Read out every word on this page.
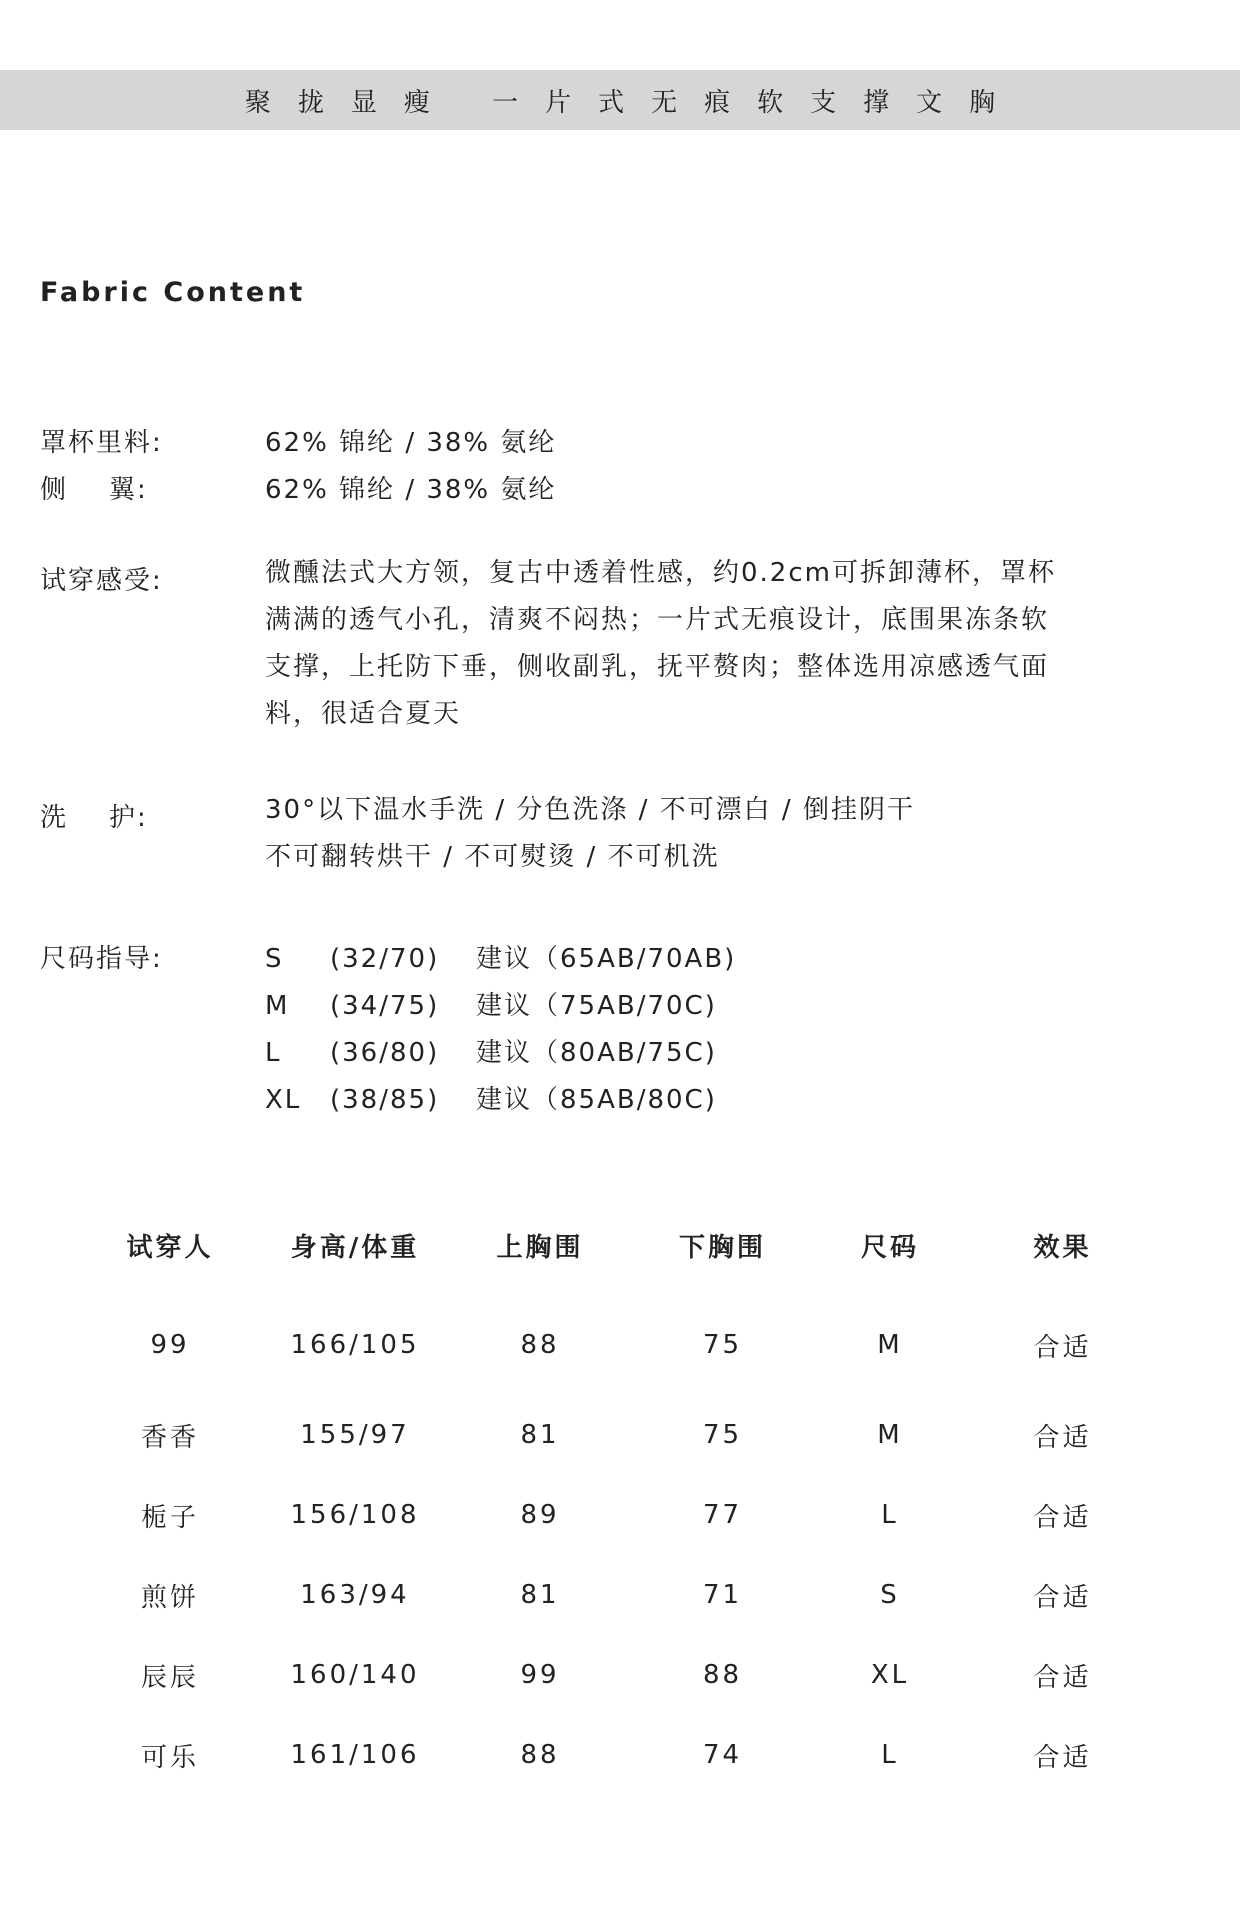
聚拢显瘦 一片式无痕软支撑文胸
Fabric Content
罩杯里料:	62% 锦纶 / 38% 氨纶
侧    翼:	62% 锦纶 / 38% 氨纶
试穿感受:	微醺法式大方领，复古中透着性感，约0.2cm可拆卸薄杯，罩杯
满满的透气小孔，清爽不闷热；一片式无痕设计，底围果冻条软
支撑，上托防下垂，侧收副乳，抚平赘肉；整体选用凉感透气面
料，很适合夏天
洗    护:	30°以下温水手洗 / 分色洗涤 / 不可漂白 / 倒挂阴干
不可翻转烘干 / 不可熨烫 / 不可机洗
尺码指导:	S (32/70) 建议（65AB/70AB)
M (34/75) 建议（75AB/70C)
L (36/80) 建议（80AB/75C)
XL (38/85) 建议（85AB/80C)
试穿人	身高/体重	上胸围	下胸围	尺码	效果
99	166/105	88	75	M	合适
香香	155/97	81	75	M	合适
栀子	156/108	89	77	L	合适
煎饼	163/94	81	71	S	合适
辰辰	160/140	99	88	XL	合适
可乐	161/106	88	74	L	合适
